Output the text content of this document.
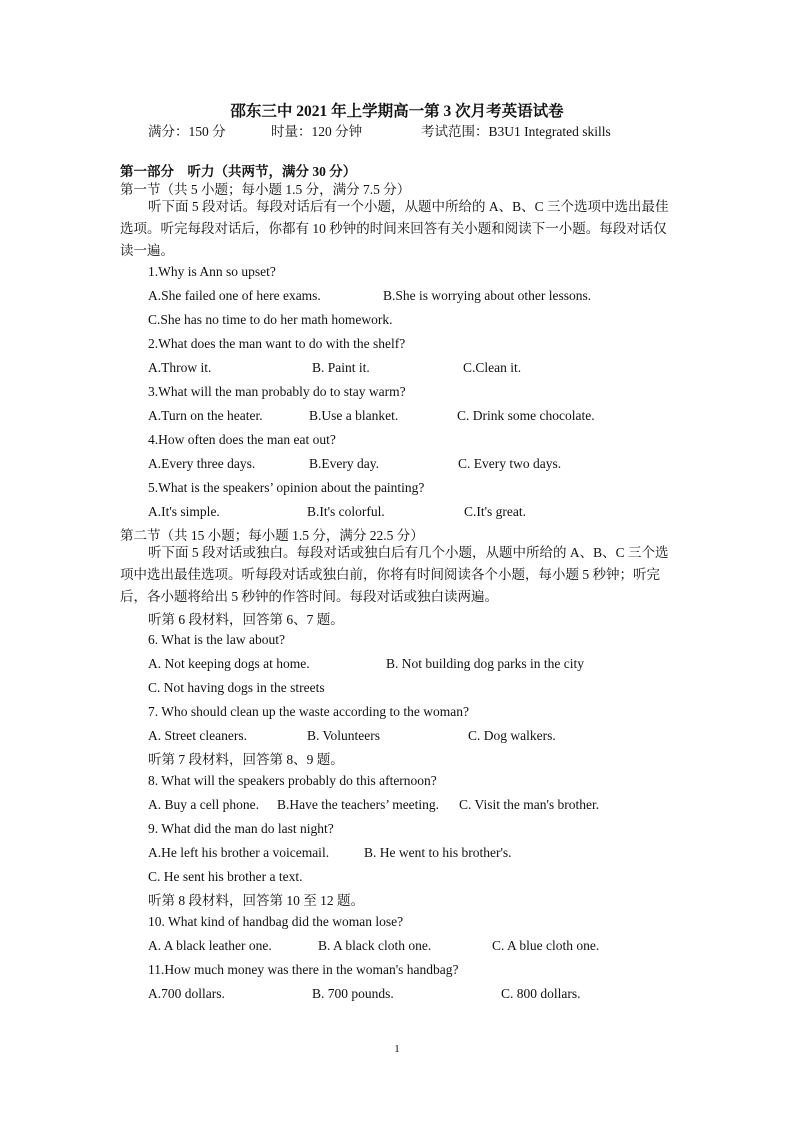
邵东三中 2021 年上学期高一第 3 次月考英语试卷
满分：150 分	时量：120 分钟	考试范围：B3U1 Integrated skills
第一部分　听力（共两节，满分 30 分）
第一节（共 5 小题；每小题 1.5 分，满分 7.5 分）
听下面 5 段对话。每段对话后有一个小题，从题中所给的 A、B、C 三个选项中选出最佳选项。听完每段对话后，你都有 10 秒钟的时间来回答有关小题和阅读下一小题。每段对话仅读一遍。
1.Why is Ann so upset?
A.She failed one of here exams.	B.She is worrying about other lessons.
C.She has no time to do her math homework.
2.What does the man want to do with the shelf?
A.Throw it.	B. Paint it.	C.Clean it.
3.What will the man probably do to stay warm?
A.Turn on the heater.	B.Use a blanket.	C. Drink some chocolate.
4.How often does the man eat out?
A.Every three days.	B.Every day.	C. Every two days.
5.What is the speakers’ opinion about the painting?
A.It's simple.	B.It's colorful.	C.It's great.
第二节（共 15 小题；每小题 1.5 分，满分 22.5 分）
听下面 5 段对话或独白。每段对话或独白后有几个小题，从题中所给的 A、B、C 三个选项中选出最佳选项。听每段对话或独白前，你将有时间阅读各个小题，每小题 5 秒钟；听完后，各小题将给出 5 秒钟的作答时间。每段对话或独白读两遍。
听第 6 段材料，回答第 6、7 题。
6. What is the law about?
A. Not keeping dogs at home.	B. Not building dog parks in the city
C. Not having dogs in the streets
7. Who should clean up the waste according to the woman?
A. Street cleaners.	B. Volunteers	C. Dog walkers.
听第 7 段材料，回答第 8、9 题。
8. What will the speakers probably do this afternoon?
A. Buy a cell phone. B.Have the teachers’ meeting. C. Visit the man's brother.
9. What did the man do last night?
A.He left his brother a voicemail.	B. He went to his brother's.
C. He sent his brother a text.
听第 8 段材料，回答第 10 至 12 题。
10. What kind of handbag did the woman lose?
A. A black leather one.	B. A black cloth one.	C. A blue cloth one.
11.How much money was there in the woman's handbag?
A.700 dollars.	B. 700 pounds.	C. 800 dollars.
1
